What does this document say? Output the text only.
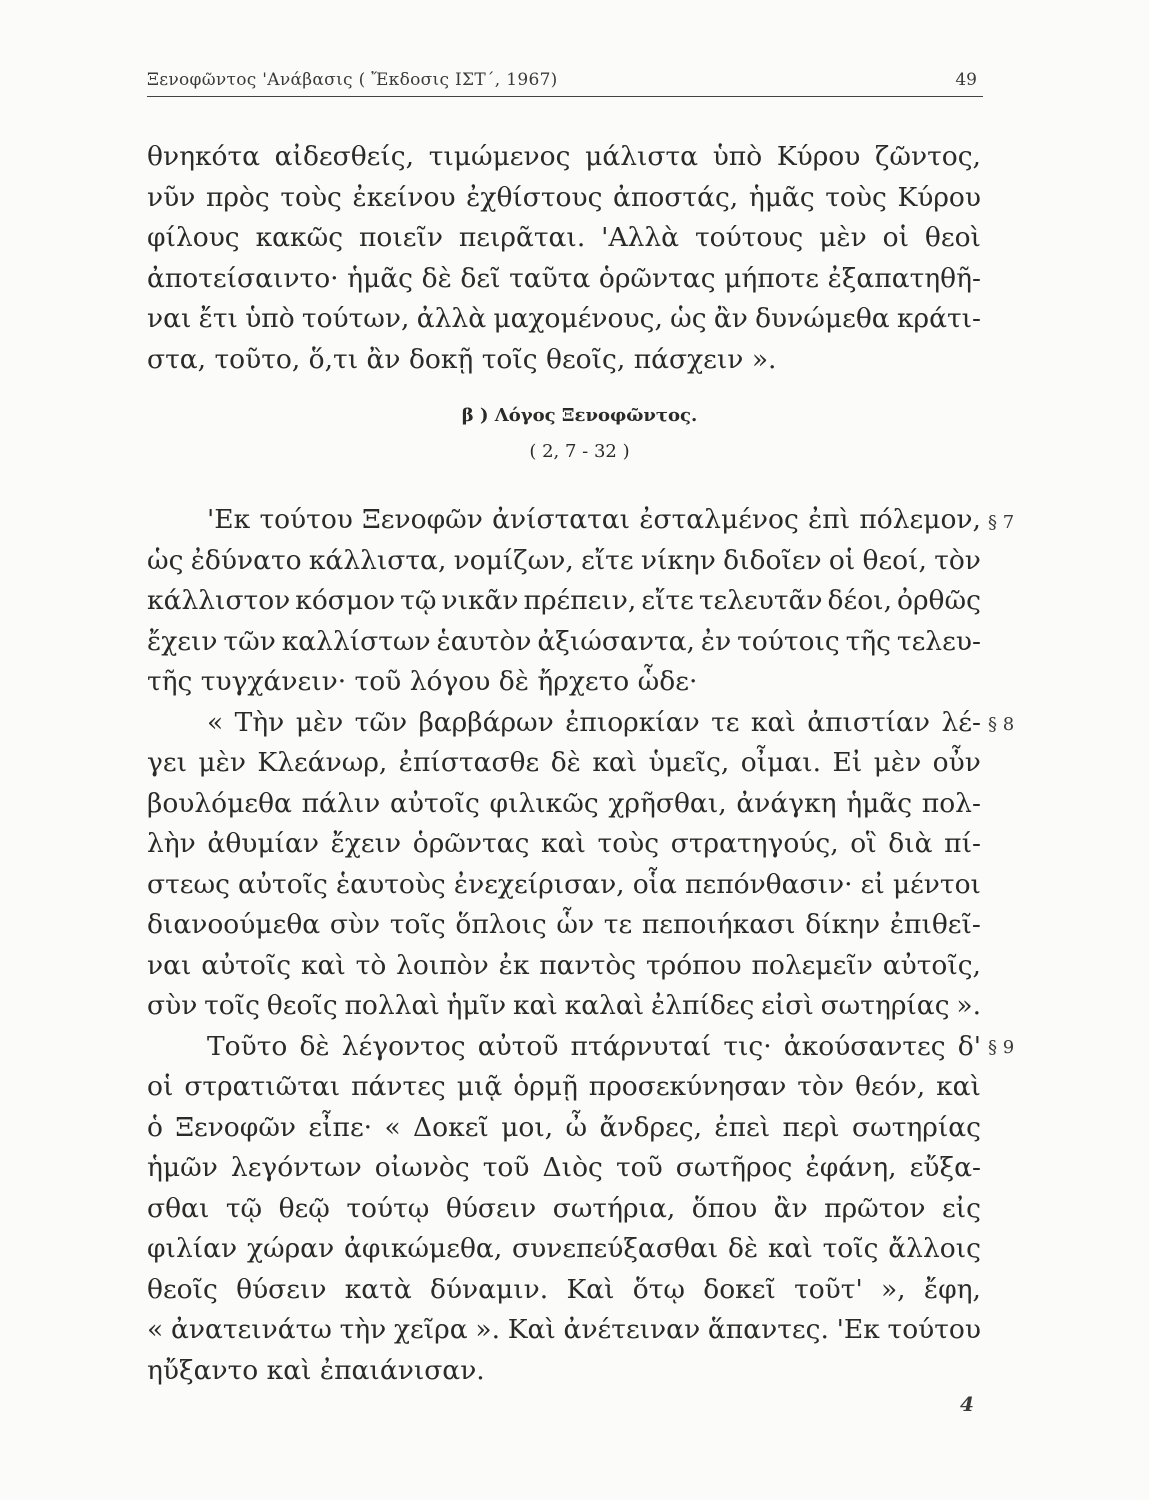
Ξενοφῶντος 'Ανάβασις ( Ἔκδοσις ΙΣΤ΄, 1967)	49
θνηκότα αἰδεσθείς, τιμώμενος μάλιστα ὑπὸ Κύρου ζῶντος,
νῦν πρὸς τοὺς ἐκείνου ἐχθίστους ἀποστάς, ἡμᾶς τοὺς Κύρου
φίλους κακῶς ποιεῖν πειρᾶται. 'Αλλὰ τούτους μὲν οἱ θεοὶ
ἀποτείσαιντο· ἡμᾶς δὲ δεῖ ταῦτα ὁρῶντας μήποτε ἐξαπατηθῆ-
ναι ἔτι ὑπὸ τούτων, ἀλλὰ μαχομένους, ὡς ἂν δυνώμεθα κράτι-
στα, τοῦτο, ὅ,τι ἂν δοκῇ τοῖς θεοῖς, πάσχειν ».
β ) Λόγος Ξενοφῶντος.
( 2, 7 - 32 )
'Εκ τούτου Ξενοφῶν ἀνίσταται ἐσταλμένος ἐπὶ πόλεμον,
ὡς ἐδύνατο κάλλιστα, νομίζων, εἴτε νίκην διδοῖεν οἱ θεοί, τὸν
κάλλιστον κόσμον τῷ νικᾶν πρέπειν, εἴτε τελευτᾶν δέοι, ὀρθῶς
ἔχειν τῶν καλλίστων ἑαυτὸν ἀξιώσαντα, ἐν τούτοις τῆς τελευ-
τῆς τυγχάνειν· τοῦ λόγου δὲ ἤρχετο ὧδε·
« Τὴν μὲν τῶν βαρβάρων ἐπιορκίαν τε καὶ ἀπιστίαν λέ-
γει μὲν Κλεάνωρ, ἐπίστασθε δὲ καὶ ὑμεῖς, οἶμαι. Εἰ μὲν οὖν
βουλόμεθα πάλιν αὐτοῖς φιλικῶς χρῆσθαι, ἀνάγκη ἡμᾶς πολ-
λὴν ἀθυμίαν ἔχειν ὁρῶντας καὶ τοὺς στρατηγούς, οἳ διὰ πί-
στεως αὐτοῖς ἑαυτοὺς ἐνεχείρισαν, οἷα πεπόνθασιν· εἰ μέντοι
διανοούμεθα σὺν τοῖς ὅπλοις ὧν τε πεποιήκασι δίκην ἐπιθεῖ-
ναι αὐτοῖς καὶ τὸ λοιπὸν ἐκ παντὸς τρόπου πολεμεῖν αὐτοῖς,
σὺν τοῖς θεοῖς πολλαὶ ἡμῖν καὶ καλαὶ ἐλπίδες εἰσὶ σωτηρίας ».
Τοῦτο δὲ λέγοντος αὐτοῦ πτάρνυταί τις· ἀκούσαντες δ'
οἱ στρατιῶται πάντες μιᾷ ὁρμῇ προσεκύνησαν τὸν θεόν, καὶ
ὁ Ξενοφῶν εἶπε· « Δοκεῖ μοι, ὦ ἄνδρες, ἐπεὶ περὶ σωτηρίας
ἡμῶν λεγόντων οἰωνὸς τοῦ Διὸς τοῦ σωτῆρος ἐφάνη, εὔξα-
σθαι τῷ θεῷ τούτῳ θύσειν σωτήρια, ὅπου ἂν πρῶτον εἰς
φιλίαν χώραν ἀφικώμεθα, συνεπεύξασθαι δὲ καὶ τοῖς ἄλλοις
θεοῖς θύσειν κατὰ δύναμιν. Καὶ ὅτῳ δοκεῖ τοῦτ' », ἔφη,
« ἀνατεινάτω τὴν χεῖρα ». Καὶ ἀνέτειναν ἅπαντες. 'Εκ τούτου
ηὔξαντο καὶ ἐπαιάνισαν.
§ 7
§ 8
§ 9
4
